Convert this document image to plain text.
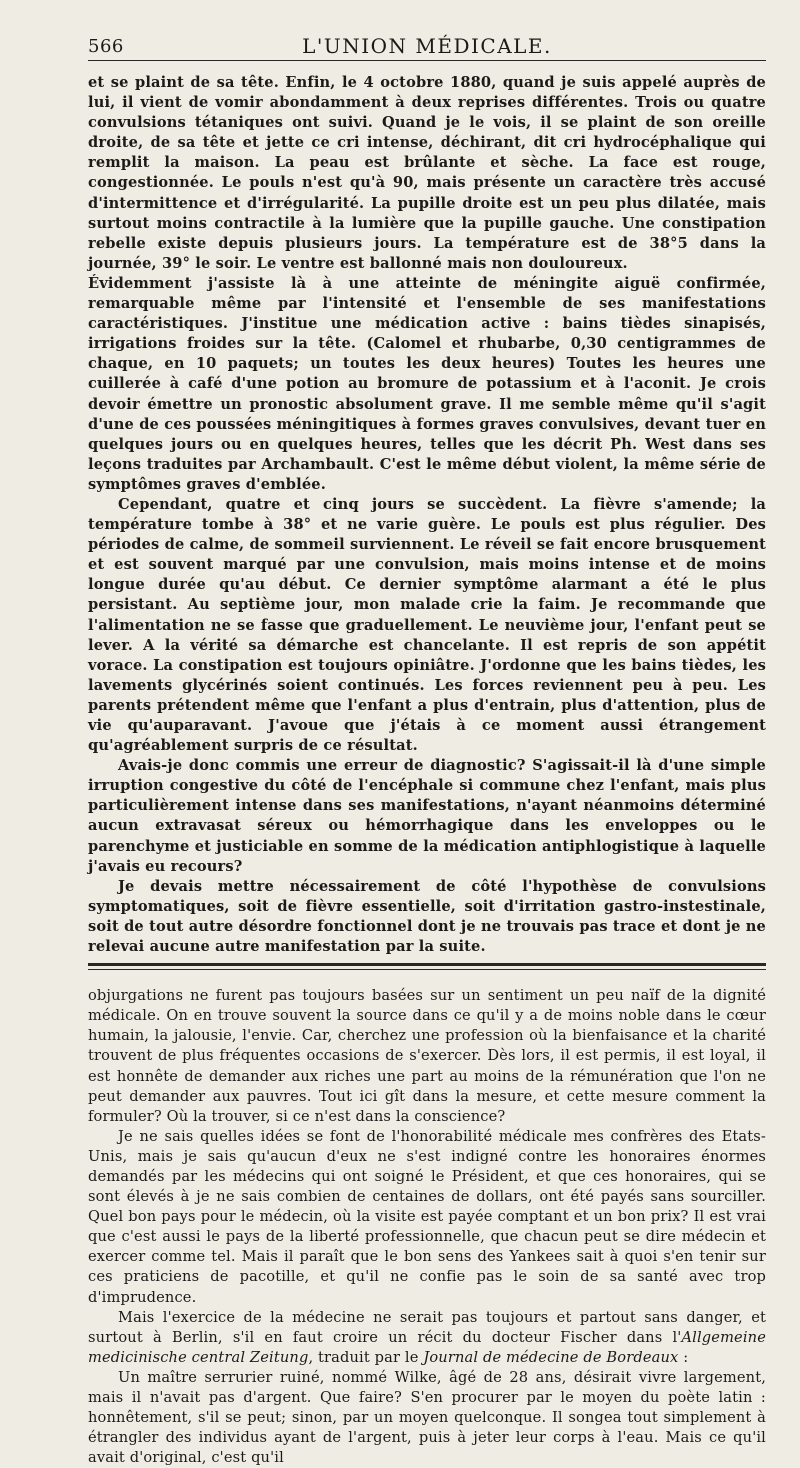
566	L'UNION MÉDICALE.

et se plaint de sa tête. Enfin, le 4 octobre 1880, quand je suis appelé auprès de lui, il vient de vomir abondamment à deux reprises différentes. Trois ou quatre convulsions tétaniques ont suivi. Quand je le vois, il se plaint de son oreille droite, de sa tête et jette ce cri intense, déchirant, dit cri hydrocéphalique qui remplit la maison. La peau est brûlante et sèche. La face est rouge, congestionnée. Le pouls n'est qu'à 90, mais présente un caractère très accusé d'intermittence et d'irrégularité. La pupille droite est un peu plus dilatée, mais surtout moins contractile à la lumière que la pupille gauche. Une constipation rebelle existe depuis plusieurs jours. La température est de 38°5 dans la journée, 39° le soir. Le ventre est ballonné mais non douloureux.

Évidemment j'assiste là à une atteinte de méningite aiguë confirmée, remarquable même par l'intensité et l'ensemble de ses manifestations caractéristiques. J'institue une médication active : bains tièdes sinapisés, irrigations froides sur la tête. (Calomel et rhubarbe, 0,30 centigrammes de chaque, en 10 paquets; un toutes les deux heures) Toutes les heures une cuillerée à café d'une potion au bromure de potassium et à l'aconit. Je crois devoir émettre un pronostic absolument grave. Il me semble même qu'il s'agit d'une de ces poussées méningitiques à formes graves convulsives, devant tuer en quelques jours ou en quelques heures, telles que les décrit Ph. West dans ses leçons traduites par Archambault. C'est le même début violent, la même série de symptômes graves d'emblée.

Cependant, quatre et cinq jours se succèdent. La fièvre s'amende; la température tombe à 38° et ne varie guère. Le pouls est plus régulier. Des périodes de calme, de sommeil surviennent. Le réveil se fait encore brusquement et est souvent marqué par une convulsion, mais moins intense et de moins longue durée qu'au début. Ce dernier symptôme alarmant a été le plus persistant. Au septième jour, mon malade crie la faim. Je recommande que l'alimentation ne se fasse que graduellement. Le neuvième jour, l'enfant peut se lever. A la vérité sa démarche est chancelante. Il est repris de son appétit vorace. La constipation est toujours opiniâtre. J'ordonne que les bains tièdes, les lavements glycérinés soient continués. Les forces reviennent peu à peu. Les parents prétendent même que l'enfant a plus d'entrain, plus d'attention, plus de vie qu'auparavant. J'avoue que j'étais à ce moment aussi étrangement qu'agréablement surpris de ce résultat.

Avais-je donc commis une erreur de diagnostic? S'agissait-il là d'une simple irruption congestive du côté de l'encéphale si commune chez l'enfant, mais plus particulièrement intense dans ses manifestations, n'ayant néanmoins déterminé aucun extravasat séreux ou hémorrhagique dans les enveloppes ou le parenchyme et justiciable en somme de la médication antiphlogistique à laquelle j'avais eu recours?

Je devais mettre nécessairement de côté l'hypothèse de convulsions symptomatiques, soit de fièvre essentielle, soit d'irritation gastro-instestinale, soit de tout autre désordre fonctionnel dont je ne trouvais pas trace et dont je ne relevai aucune autre manifestation par la suite.

objurgations ne furent pas toujours basées sur un sentiment un peu naïf de la dignité médicale. On en trouve souvent la source dans ce qu'il y a de moins noble dans le cœur humain, la jalousie, l'envie. Car, cherchez une profession où la bienfaisance et la charité trouvent de plus fréquentes occasions de s'exercer. Dès lors, il est permis, il est loyal, il est honnête de demander aux riches une part au moins de la rémunération que l'on ne peut demander aux pauvres. Tout ici gît dans la mesure, et cette mesure comment la formuler? Où la trouver, si ce n'est dans la conscience?

Je ne sais quelles idées se font de l'honorabilité médicale mes confrères des Etats-Unis, mais je sais qu'aucun d'eux ne s'est indigné contre les honoraires énormes demandés par les médecins qui ont soigné le Président, et que ces honoraires, qui se sont élevés à je ne sais combien de centaines de dollars, ont été payés sans sourciller. Quel bon pays pour le médecin, où la visite est payée comptant et un bon prix? Il est vrai que c'est aussi le pays de la liberté professionnelle, que chacun peut se dire médecin et exercer comme tel. Mais il paraît que le bon sens des Yankees sait à quoi s'en tenir sur ces praticiens de pacotille, et qu'il ne confie pas le soin de sa santé avec trop d'imprudence.

Mais l'exercice de la médecine ne serait pas toujours et partout sans danger, et surtout à Berlin, s'il en faut croire un récit du docteur Fischer dans l'Allgemeine medicinische central Zeitung, traduit par le Journal de médecine de Bordeaux :

Un maître serrurier ruiné, nommé Wilke, âgé de 28 ans, désirait vivre largement, mais il n'avait pas d'argent. Que faire? S'en procurer par le moyen du poète latin : honnêtement, s'il se peut; sinon, par un moyen quelconque. Il songea tout simplement à étrangler des individus ayant de l'argent, puis à jeter leur corps à l'eau. Mais ce qu'il avait d'original, c'est qu'il
